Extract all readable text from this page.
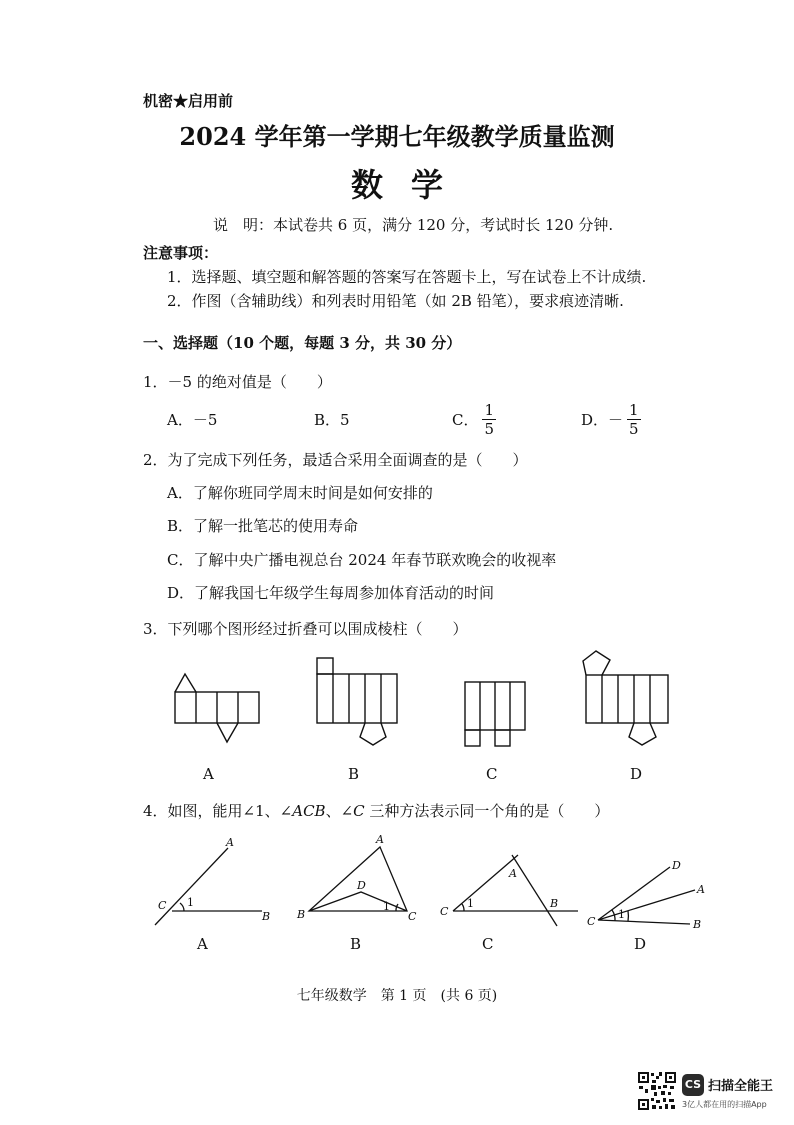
机密★启用前
2024 学年第一学期七年级教学质量监测
数学
说　明：本试卷共 6 页，满分 120 分，考试时长 120 分钟.
注意事项：
1．选择题、填空题和解答题的答案写在答题卡上，写在试卷上不计成绩.
2．作图（含辅助线）和列表时用铅笔（如 2B 铅笔），要求痕迹清晰.
一、选择题（10 个题，每题 3 分，共 30 分）
1．－5 的绝对值是（　　）
A．－5	B．5	C． $\frac{1}{5}$	D．－ $\frac{1}{5}$
2．为了完成下列任务，最适合采用全面调查的是（　　）
A．了解你班同学周末时间是如何安排的
B．了解一批笔芯的使用寿命
C．了解中央广播电视总台 2024 年春节联欢晚会的收视率
D．了解我国七年级学生每周参加体育活动的时间
3．下列哪个图形经过折叠可以围成棱柱（　　）
A	B	C	D
4．如图，能用∠1、∠ACB、∠C 三种方法表示同一个角的是（　　）
A
C 1
B
A
D
B
1
C
A
C
1	B
D
A
C
1
B
A	B	C	D
七年级数学　第 1 页　(共 6 页)
CS 扫描全能王
3亿人都在用的扫描App
